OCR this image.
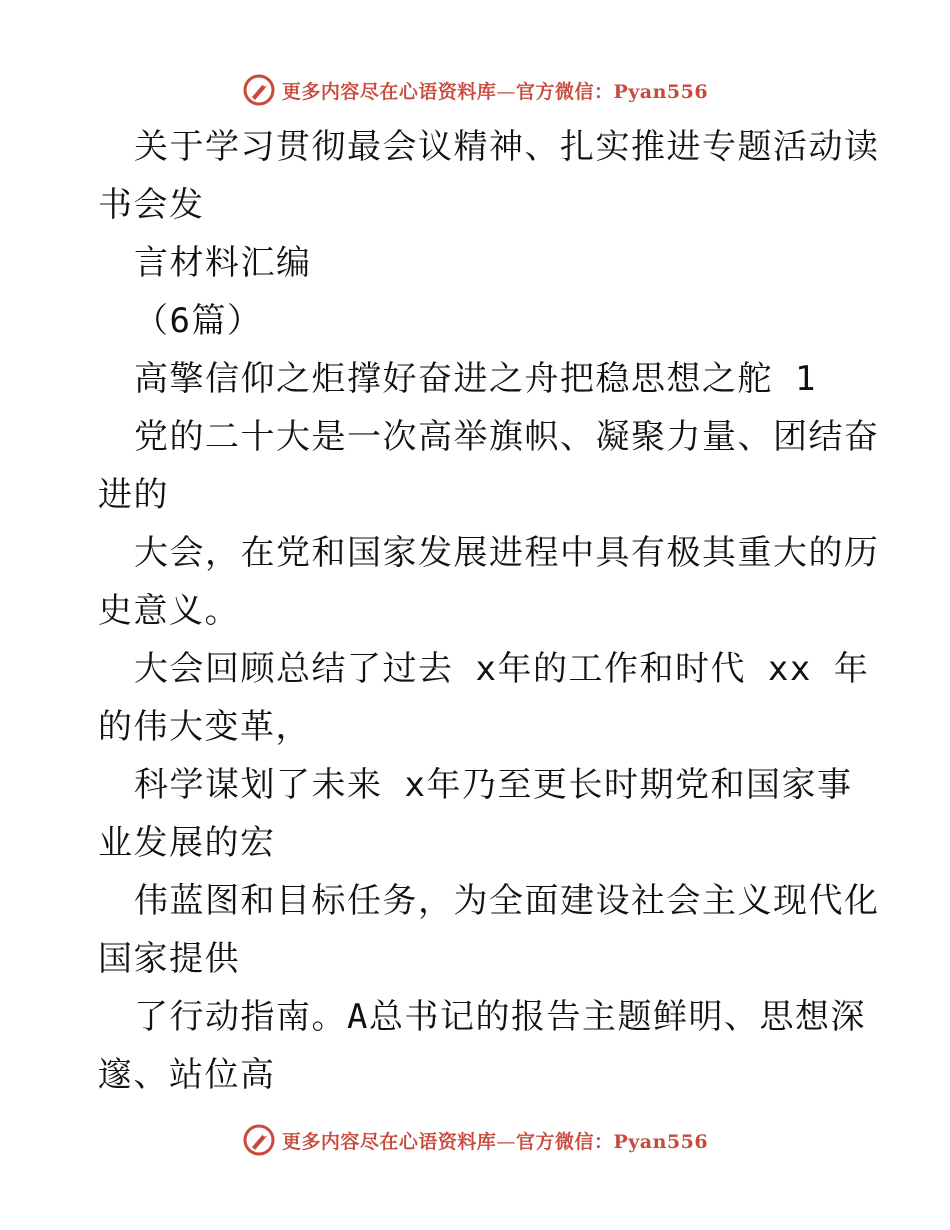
更多内容尽在心语资料库—官方微信：Pyan556
关于学习贯彻最会议精神、扎实推进专题活动读
书会发
言材料汇编
（6篇）
高擎信仰之炬撑好奋进之舟把稳思想之舵 1
党的二十大是一次高举旗帜、凝聚力量、团结奋
进的
大会，在党和国家发展进程中具有极其重大的历
史意义。
大会回顾总结了过去 x年的工作和时代 xx 年
的伟大变革，
科学谋划了未来 x年乃至更长时期党和国家事
业发展的宏
伟蓝图和目标任务，为全面建设社会主义现代化
国家提供
了行动指南。A总书记的报告主题鲜明、思想深
邃、站位高
更多内容尽在心语资料库—官方微信：Pyan556
